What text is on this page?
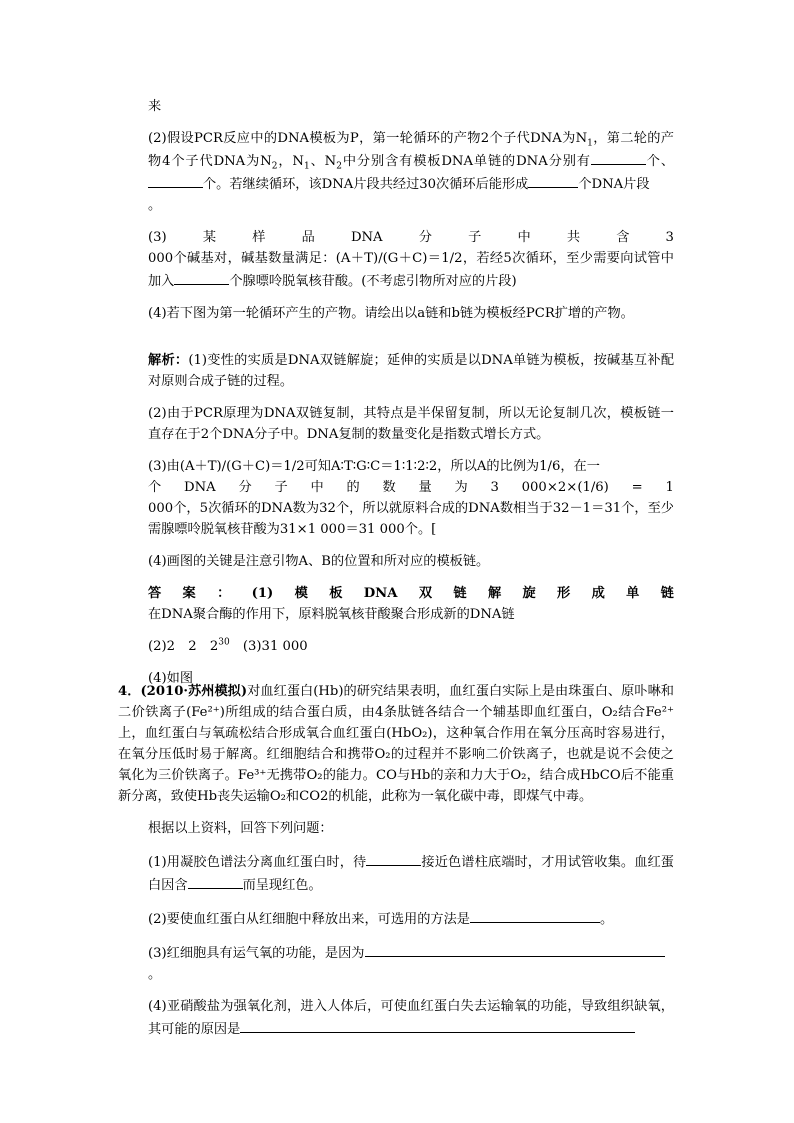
来

(2)假设PCR反应中的DNA模板为P，第一轮循环的产物2个子代DNA为$N_1$，第二轮的产物4个子代DNA为$N_2$，$N_1$、$N_2$中分别含有模板DNA单链的DNA分别有	个、个。若继续循环，该DNA片段共经过30次循环后能形成	个DNA片段
。

(3)	某	样	品	DNA	分	子	中	共	含	3
000个碱基对，碱基数量满足：(A＋T)/(G＋C)＝1/2，若经5次循环，至少需要向试管中加入	个腺嘌呤脱氧核苷酸。(不考虑引物所对应的片段)

(4)若下图为第一轮循环产生的产物。请绘出以a链和b链为模板经PCR扩增的产物。

解析：(1)变性的实质是DNA双链解旋；延伸的实质是以DNA单链为模板，按碱基互补配对原则合成子链的过程。

(2)由于PCR原理为DNA双链复制，其特点是半保留复制，所以无论复制几次，模板链一直存在于2个DNA分子中。DNA复制的数量变化是指数式增长方式。

(3)由(A＋T)/(G＋C)＝1/2可知A∶T∶G∶C＝1∶1∶2∶2，所以A的比例为1/6，在一
个 DNA 分 子 中 的 数 量 为 3 000×2×(1/6) = 1
000个，5次循环的DNA数为32个，所以就原料合成的DNA数相当于32－1＝31个，至少需腺嘌呤脱氧核苷酸为31×1 000＝31 000个。[

(4)画图的关键是注意引物A、B的位置和所对应的模板链。

答 案 ： (1) 模 板 DNA 双 链 解 旋 形 成 单 链
在DNA聚合酶的作用下，原料脱氧核苷酸聚合形成新的DNA链

(2)2　2　$2^{30}$　(3)31 000

(4)如图

4．(2010·苏州模拟)对血红蛋白(Hb)的研究结果表明，血红蛋白实际上是由珠蛋白、原卟啉和二价铁离子(Fe²⁺)所组成的结合蛋白质，由4条肽链各结合一个辅基即血红蛋白，O₂结合Fe²⁺上，血红蛋白与氧疏松结合形成氧合血红蛋白(HbO₂)，这种氧合作用在氧分压高时容易进行，在氧分压低时易于解离。红细胞结合和携带O₂的过程并不影响二价铁离子，也就是说不会使之氧化为三价铁离子。Fe³⁺无携带O₂的能力。CO与Hb的亲和力大于O₂，结合成HbCO后不能重新分离，致使Hb丧失运输O₂和CO2的机能，此称为一氧化碳中毒，即煤气中毒。

根据以上资料，回答下列问题：

(1)用凝胶色谱法分离血红蛋白时，待	接近色谱柱底端时，才用试管收集。血红蛋白因含	而呈现红色。

(2)要使血红蛋白从红细胞中释放出来，可选用的方法是	。

(3)红细胞具有运气氧的功能，是因为
。

(4)亚硝酸盐为强氧化剂，进入人体后，可使血红蛋白失去运输氧的功能，导致组织缺氧，其可能的原因是
